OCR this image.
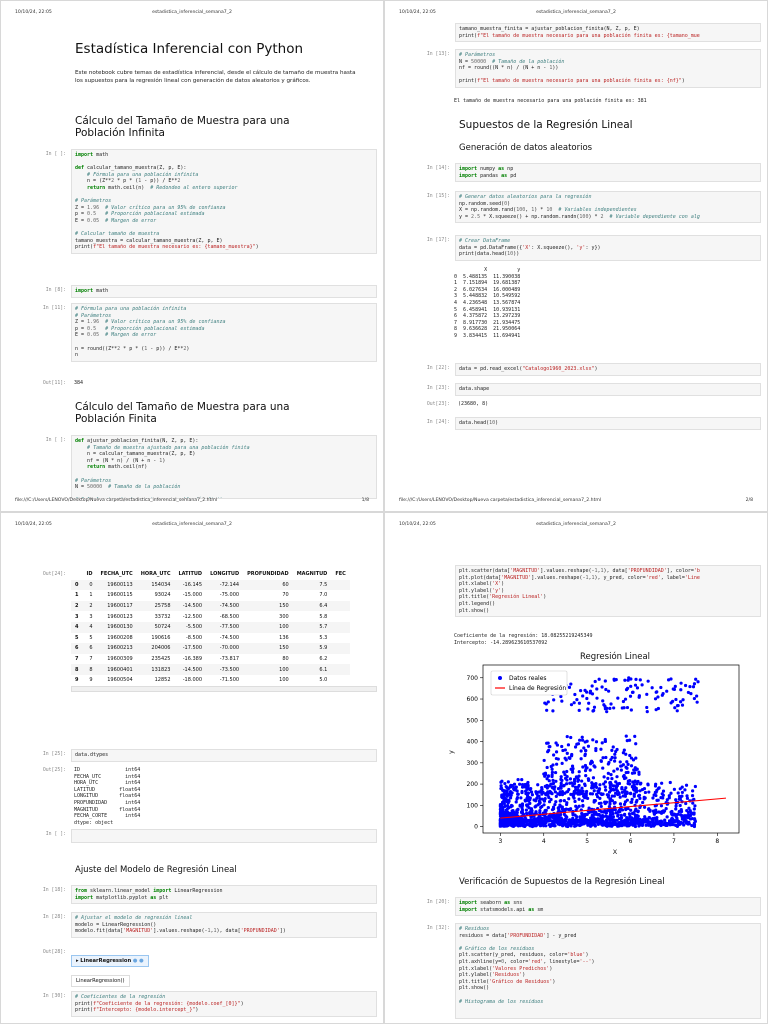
10/10/24, 22:05	estadistica_inferencial_semana7_2
Estadística Inferencial con Python
Este notebook cubre temas de estadística inferencial, desde el cálculo de tamaño de muestra hasta los supuestos para la regresión lineal con generación de datos aleatorios y gráficos.
Cálculo del Tamaño de Muestra para una Población Infinita
In [ ]:	import math

def calcular_tamano_muestra(Z, p, E):
# Fórmula para una población infinita
n = (Z**2 * p * (1 - p)) / E**2
return math.ceil(n)  # Redondeo al entero superior

# Parámetros
Z = 1.96 # Valor crítico para un 95% de confianza
p = 0.5 # Proporción poblacional estimada
E = 0.05 # Margen de error

# Calcular tamaño de muestra
tamano_muestra = calcular_tamano_muestra(Z, p, E)
print(f"El tamaño de muestra necesario es: {tamano_muestra}")
In [8]:	import math
In [11]:	# Fórmula para una población infinita
# Parámetros
Z = 1.96 # Valor crítico para un 95% de confianza
p = 0.5 # Proporción poblacional estimada
E = 0.05 # Margen de error

n = round((Z**2 * p * (1 - p)) / E**2)
n
Out[11]:	384
Cálculo del Tamaño de Muestra para una Población Finita
In [ ]:	def ajustar_poblacion_finita(N, Z, p, E):
# Tamaño de muestra ajustado para una población finita
n = calcular_tamano_muestra(Z, p, E)
nf = (N * n) / (N + n - 1)
return math.ceil(nf)

# Parámetros
N = 50000 # Tamaño de la población

file:///C:/Users/LENOVO/Desktop/Nueva carpeta/estadistica_inferencial_semana7_2.html	1/8
10/10/24, 22:05	estadistica_inferencial_semana7_2
tamano_muestra_finita = ajustar_poblacion_finita(N, Z, p, E)
print(f"El tamaño de muestra necesario para una población finita es: {tamano_mue
In [13]:	# Parámetros
N = 50000 # Tamaño de la población
nf = round((N * n) / (N + n - 1))

print(f"El tamaño de muestra necesario para una población finita es: {nf}")
El tamaño de muestra necesario para una población finita es: 381
Supuestos de la Regresión Lineal
Generación de datos aleatorios
In [14]:	import numpy as np
import pandas as pd
In [15]:	# Generar datos aleatorios para la regresión
np.random.seed(0)
X = np.random.rand(100, 1) * 10 # Variables independientes
y = 2.5 * X.squeeze() + np.random.randn(100) * 2 # Variable dependiente con alg
In [17]:	# Crear DataFrame
data = pd.DataFrame({'X': X.squeeze(), 'y': y})
print(data.head(10))
X          y
0  5.488135  11.390038
1  7.151894  19.681387
2  6.027634  16.000489
3  5.448832  10.549592
4  4.236548  13.567874
5  6.458941  10.939131
6  4.375872  13.297239
7  8.917730  21.934475
8  9.636628  21.950064
9  3.834415  11.694941
In [22]:	data = pd.read_excel("Catalogo1960_2023.xlsx")
In [23]:	data.shape
Out[23]:	(23680, 8)
In [24]:	data.head(10)
file:///C:/Users/LENOVO/Desktop/Nueva carpeta/estadistica_inferencial_semana7_2.html	2/8
10/10/24, 22:05	estadistica_inferencial_semana7_2
Out[24]:
		ID	FECHA_UTC	HORA_UTC	LATITUD	LONGITUD	PROFUNDIDAD	MAGNITUD	FEC
0	0	19600113	154034	-16.145	-72.144	60	7.5	
1	1	19600115	93024	-15.000	-75.000	70	7.0	
2	2	19600117	25758	-14.500	-74.500	150	6.4	
3	3	19600123	33732	-12.500	-68.500	300	5.8	
4	4	19600130	50724	-5.500	-77.500	100	5.7	
5	5	19600208	190616	-8.500	-74.500	136	5.3	
6	6	19600213	204006	-17.500	-70.000	150	5.9	
7	7	19600309	235425	-16.389	-73.817	80	6.2	
8	8	19600401	131823	-14.500	-73.500	100	6.1	
9	9	19600504	12852	-18.000	-71.500	100	5.0	
In [25]:	data.dtypes
Out[25]:	ID               int64
FECHA_UTC        int64
HORA_UTC         int64
LATITUD        float64
LONGITUD       float64
PROFUNDIDAD      int64
MAGNITUD       float64
FECHA_CORTE      int64
dtype: object
In [ ]:
Ajuste del Modelo de Regresión Lineal
In [18]:	from sklearn.linear_model import LinearRegression
import matplotlib.pyplot as plt
In [28]:	# Ajustar el modelo de regresión lineal
modelo = LinearRegression()
modelo.fit(data['MAGNITUD'].values.reshape(-1,1), data['PROFUNDIDAD'])
Out[28]:
▸ LinearRegression ● ●
LinearRegression()
In [30]:	# Coeficientes de la regresión
print(f"Coeficiente de la regresión: {modelo.coef_[0]}")
print(f"Intercepto: {modelo.intercept_}")
10/10/24, 22:05	estadistica_inferencial_semana7_2
plt.scatter(data['MAGNITUD'].values.reshape(-1,1), data['PROFUNDIDAD'], color='b
plt.plot(data['MAGNITUD'].values.reshape(-1,1), y_pred, color='red', label='Line
plt.xlabel('X')
plt.ylabel('y')
plt.title('Regresión Lineal')
plt.legend()
plt.show()
Coeficiente de la regresión: 18.08255219245349
Intercepto: -14.289623610537092
Regresión Lineal
3	4	5	6	7	8
0
100
200
300
400
500
600
700	Datos reales
Línea de Regresión
X
y
Verificación de Supuestos de la Regresión Lineal
In [20]:	import seaborn as sns
import statsmodels.api as sm
In [32]:	# Residuos
residuos = data['PROFUNDIDAD'] - y_pred

# Gráfico de los residuos
plt.scatter(y_pred, residuos, color='blue')
plt.axhline(y=0, color='red', linestyle='--')
plt.xlabel('Valores Predichos')
plt.ylabel('Residuos')
plt.title('Gráfico de Residuos')
plt.show()

# Histograma de los residuos
